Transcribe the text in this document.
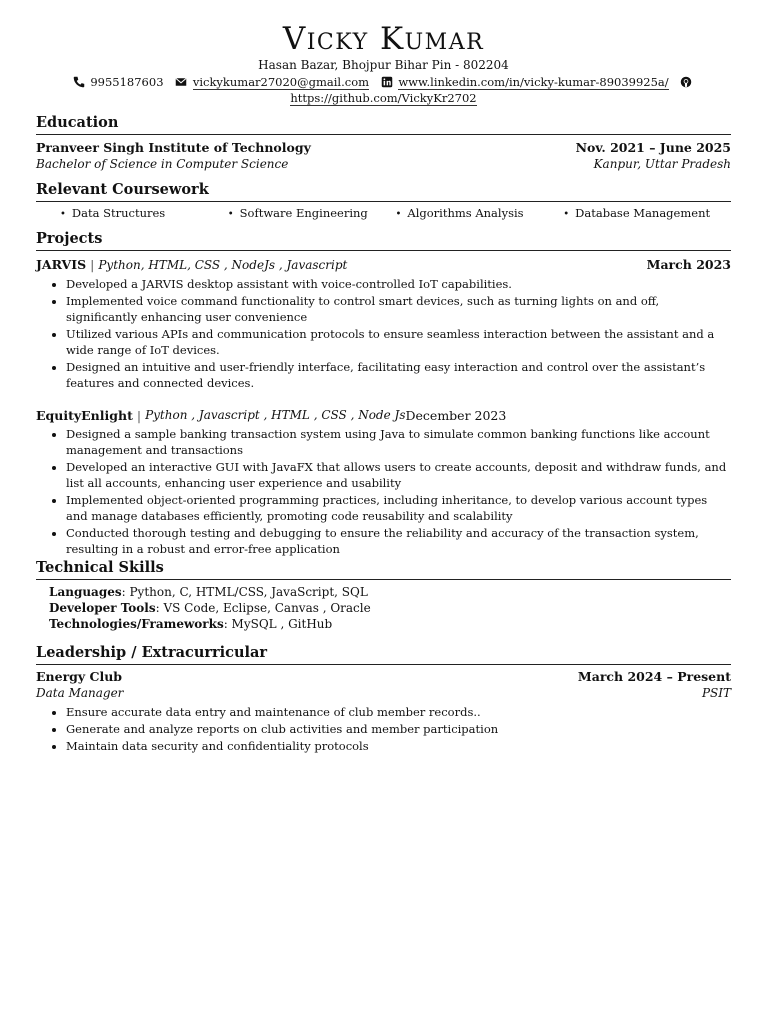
Vicky Kumar
Hasan Bazar, Bhojpur Bihar Pin - 802204
9955187603	vickykumar27020@gmail.com	www.linkedin.com/in/vicky-kumar-89039925a/
https://github.com/VickyKr2702
Education
Pranveer Singh Institute of Technology	Nov. 2021 – June 2025
Bachelor of Science in Computer Science	Kanpur, Uttar Pradesh
Relevant Coursework
• Data Structures	• Software Engineering	• Algorithms Analysis	• Database Management
Projects
JARVIS | Python, HTML, CSS , NodeJs , Javascript	March 2023
• Developed a JARVIS desktop assistant with voice-controlled IoT capabilities.
• Implemented voice command functionality to control smart devices, such as turning lights on and off, significantly enhancing user convenience
• Utilized various APIs and communication protocols to ensure seamless interaction between the assistant and a wide range of IoT devices.
• Designed an intuitive and user-friendly interface, facilitating easy interaction and control over the assistant’s features and connected devices.
EquityEnlight | Python , Javascript , HTML , CSS , Node Js December 2023
• Designed a sample banking transaction system using Java to simulate common banking functions like account management and transactions
• Developed an interactive GUI with JavaFX that allows users to create accounts, deposit and withdraw funds, and list all accounts, enhancing user experience and usability
• Implemented object-oriented programming practices, including inheritance, to develop various account types and manage databases efficiently, promoting code reusability and scalability
• Conducted thorough testing and debugging to ensure the reliability and accuracy of the transaction system, resulting in a robust and error-free application
Technical Skills
Languages: Python, C, HTML/CSS, JavaScript, SQL
Developer Tools: VS Code, Eclipse, Canvas , Oracle
Technologies/Frameworks: MySQL , GitHub
Leadership / Extracurricular
Energy Club	March 2024 – Present
Data Manager	PSIT
• Ensure accurate data entry and maintenance of club member records..
• Generate and analyze reports on club activities and member participation
• Maintain data security and confidentiality protocols
